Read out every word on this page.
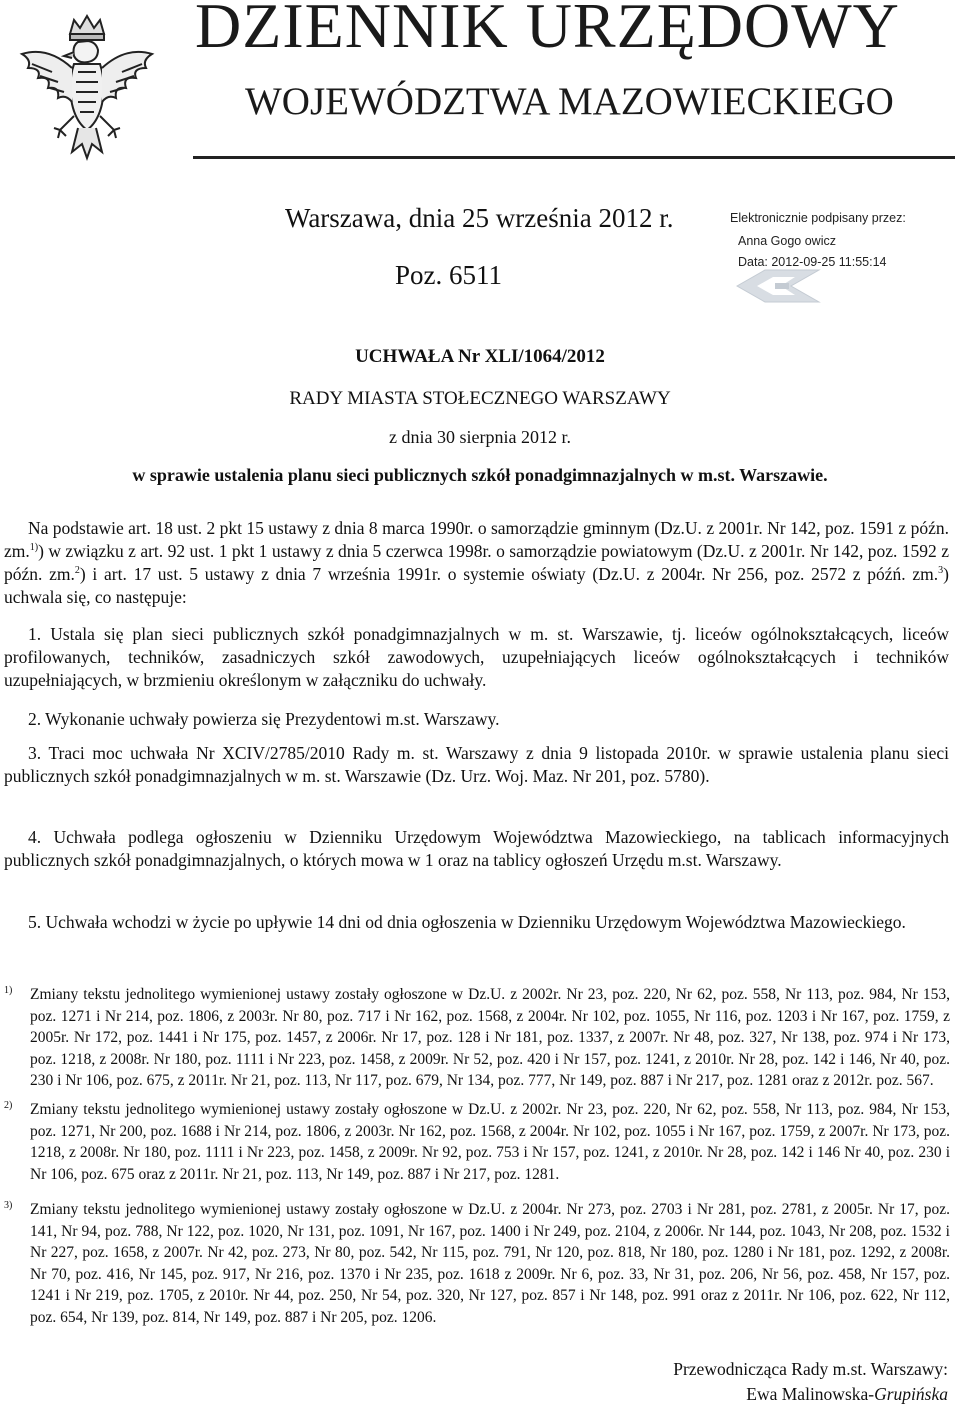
DZIENNIK URZĘDOWY
WOJEWÓDZTWA MAZOWIECKIEGO
Warszawa, dnia 25 września 2012 r.
Poz. 6511
Elektronicznie podpisany przez:
Anna Gogo owicz
Data: 2012-09-25 11:55:14
UCHWAŁA Nr XLI/1064/2012
RADY MIASTA STOŁECZNEGO WARSZAWY
z dnia 30 sierpnia 2012 r.
w sprawie ustalenia planu sieci publicznych szkół ponadgimnazjalnych w m.st. Warszawie.

Na podstawie art. 18 ust. 2 pkt 15 ustawy z dnia 8 marca 1990r. o samorządzie gminnym (Dz.U. z 2001r. Nr 142, poz. 1591 z późn. zm.$^{1)}$) w związku z art. 92 ust. 1 pkt 1 ustawy z dnia 5 czerwca 1998r. o samorządzie powiatowym (Dz.U. z 2001r. Nr 142, poz. 1592 z późn. zm.$^2$) i art. 17 ust. 5 ustawy z dnia 7 września 1991r. o systemie oświaty (Dz.U. z 2004r. Nr 256, poz. 2572 z późń. zm.$^3$) uchwala się, co następuje:

1. Ustala się plan sieci publicznych szkół ponadgimnazjalnych w m. st. Warszawie, tj. liceów ogólnokształcących, liceów profilowanych, techników, zasadniczych szkół zawodowych, uzupełniających liceów ogólnokształcących i techników uzupełniających, w brzmieniu określonym w załączniku do uchwały.

2. Wykonanie uchwały powierza się Prezydentowi m.st. Warszawy.

3. Traci moc uchwała Nr XCIV/2785/2010 Rady m. st. Warszawy z dnia 9 listopada 2010r. w sprawie ustalenia planu sieci publicznych szkół ponadgimnazjalnych w m. st. Warszawie (Dz. Urz. Woj. Maz. Nr 201, poz. 5780).

4. Uchwała podlega ogłoszeniu w Dzienniku Urzędowym Województwa Mazowieckiego, na tablicach informacyjnych publicznych szkół ponadgimnazjalnych, o których mowa w 1 oraz na tablicy ogłoszeń Urzędu m.st. Warszawy.

5. Uchwała wchodzi w życie po upływie 14 dni od dnia ogłoszenia w Dzienniku Urzędowym Województwa Mazowieckiego.

1) Zmiany tekstu jednolitego wymienionej ustawy zostały ogłoszone w Dz.U. z 2002r. Nr 23, poz. 220, Nr 62, poz. 558, Nr 113, poz. 984, Nr 153, poz. 1271 i Nr 214, poz. 1806, z 2003r. Nr 80, poz. 717 i Nr 162, poz. 1568, z 2004r. Nr 102, poz. 1055, Nr 116, poz. 1203 i Nr 167, poz. 1759, z 2005r. Nr 172, poz. 1441 i Nr 175, poz. 1457, z 2006r. Nr 17, poz. 128 i Nr 181, poz. 1337, z 2007r. Nr 48, poz. 327, Nr 138, poz. 974 i Nr 173, poz. 1218, z 2008r. Nr 180, poz. 1111 i Nr 223, poz. 1458, z 2009r. Nr 52, poz. 420 i Nr 157, poz. 1241, z 2010r. Nr 28, poz. 142 i 146, Nr 40, poz. 230 i Nr 106, poz. 675, z 2011r. Nr 21, poz. 113, Nr 117, poz. 679, Nr 134, poz. 777, Nr 149, poz. 887 i Nr 217, poz. 1281 oraz z 2012r. poz. 567.
2) Zmiany tekstu jednolitego wymienionej ustawy zostały ogłoszone w Dz.U. z 2002r. Nr 23, poz. 220, Nr 62, poz. 558, Nr 113, poz. 984, Nr 153, poz. 1271, Nr 200, poz. 1688 i Nr 214, poz. 1806, z 2003r. Nr 162, poz. 1568, z 2004r. Nr 102, poz. 1055 i Nr 167, poz. 1759, z 2007r. Nr 173, poz. 1218, z 2008r. Nr 180, poz. 1111 i Nr 223, poz. 1458, z 2009r. Nr 92, poz. 753 i Nr 157, poz. 1241, z 2010r. Nr 28, poz. 142 i 146 Nr 40, poz. 230 i Nr 106, poz. 675 oraz z 2011r. Nr 21, poz. 113, Nr 149, poz. 887 i Nr 217, poz. 1281.
3) Zmiany tekstu jednolitego wymienionej ustawy zostały ogłoszone w Dz.U. z 2004r. Nr 273, poz. 2703 i Nr 281, poz. 2781, z 2005r. Nr 17, poz. 141, Nr 94, poz. 788, Nr 122, poz. 1020, Nr 131, poz. 1091, Nr 167, poz. 1400 i Nr 249, poz. 2104, z 2006r. Nr 144, poz. 1043, Nr 208, poz. 1532 i Nr 227, poz. 1658, z 2007r. Nr 42, poz. 273, Nr 80, poz. 542, Nr 115, poz. 791, Nr 120, poz. 818, Nr 180, poz. 1280 i Nr 181, poz. 1292, z 2008r. Nr 70, poz. 416, Nr 145, poz. 917, Nr 216, poz. 1370 i Nr 235, poz. 1618 z 2009r. Nr 6, poz. 33, Nr 31, poz. 206, Nr 56, poz. 458, Nr 157, poz. 1241 i Nr 219, poz. 1705, z 2010r. Nr 44, poz. 250, Nr 54, poz. 320, Nr 127, poz. 857 i Nr 148, poz. 991 oraz z 2011r. Nr 106, poz. 622, Nr 112, poz. 654, Nr 139, poz. 814, Nr 149, poz. 887 i Nr 205, poz. 1206.
Przewodnicząca Rady m.st. Warszawy:
Ewa Malinowska-Grupińska
